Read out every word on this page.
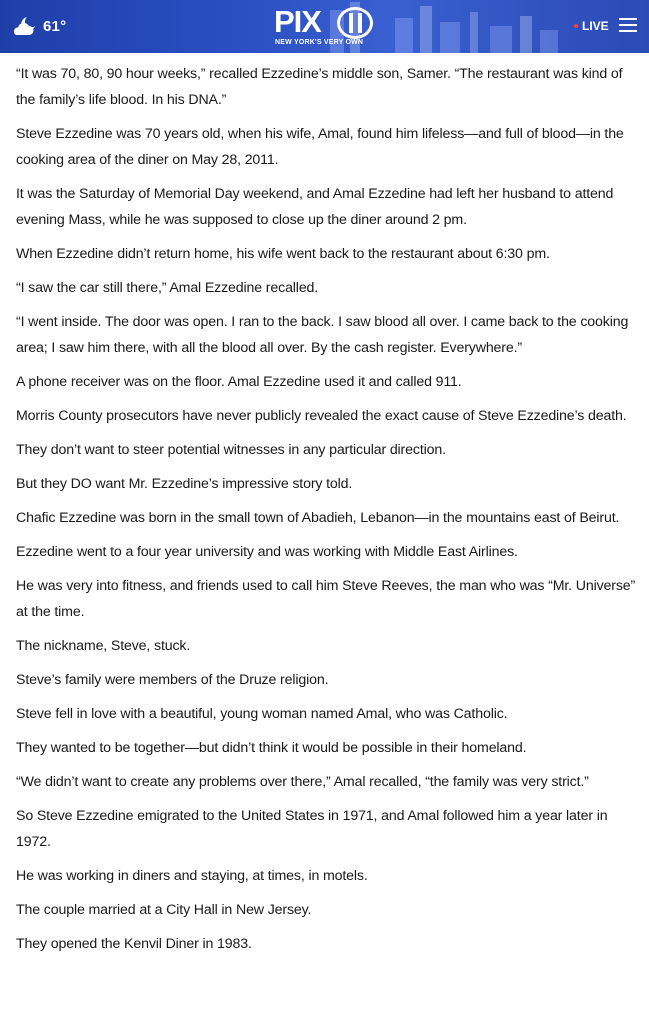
61°	PIX
NEW YORK'S VERY OWN
LIVE

“It was 70, 80, 90 hour weeks,” recalled Ezzedine’s middle son, Samer. “The restaurant was kind of the family’s life blood. In his DNA.”

Steve Ezzedine was 70 years old, when his wife, Amal, found him lifeless—and full of blood—in the cooking area of the diner on May 28, 2011.

It was the Saturday of Memorial Day weekend, and Amal Ezzedine had left her husband to attend evening Mass, while he was supposed to close up the diner around 2 pm.

When Ezzedine didn’t return home, his wife went back to the restaurant about 6:30 pm.

“I saw the car still there,” Amal Ezzedine recalled.

“I went inside. The door was open. I ran to the back. I saw blood all over. I came back to the cooking area; I saw him there, with all the blood all over. By the cash register. Everywhere.”

A phone receiver was on the floor. Amal Ezzedine used it and called 911.

Morris County prosecutors have never publicly revealed the exact cause of Steve Ezzedine’s death.

They don’t want to steer potential witnesses in any particular direction.

But they DO want Mr. Ezzedine’s impressive story told.

Chafic Ezzedine was born in the small town of Abadieh, Lebanon—in the mountains east of Beirut.

Ezzedine went to a four year university and was working with Middle East Airlines.

He was very into fitness, and friends used to call him Steve Reeves, the man who was “Mr. Universe” at the time.

The nickname, Steve, stuck.

Steve’s family were members of the Druze religion.

Steve fell in love with a beautiful, young woman named Amal, who was Catholic.

They wanted to be together—but didn’t think it would be possible in their homeland.

“We didn’t want to create any problems over there,” Amal recalled, “the family was very strict.”

So Steve Ezzedine emigrated to the United States in 1971, and Amal followed him a year later in 1972.

He was working in diners and staying, at times, in motels.

The couple married at a City Hall in New Jersey.

They opened the Kenvil Diner in 1983.
